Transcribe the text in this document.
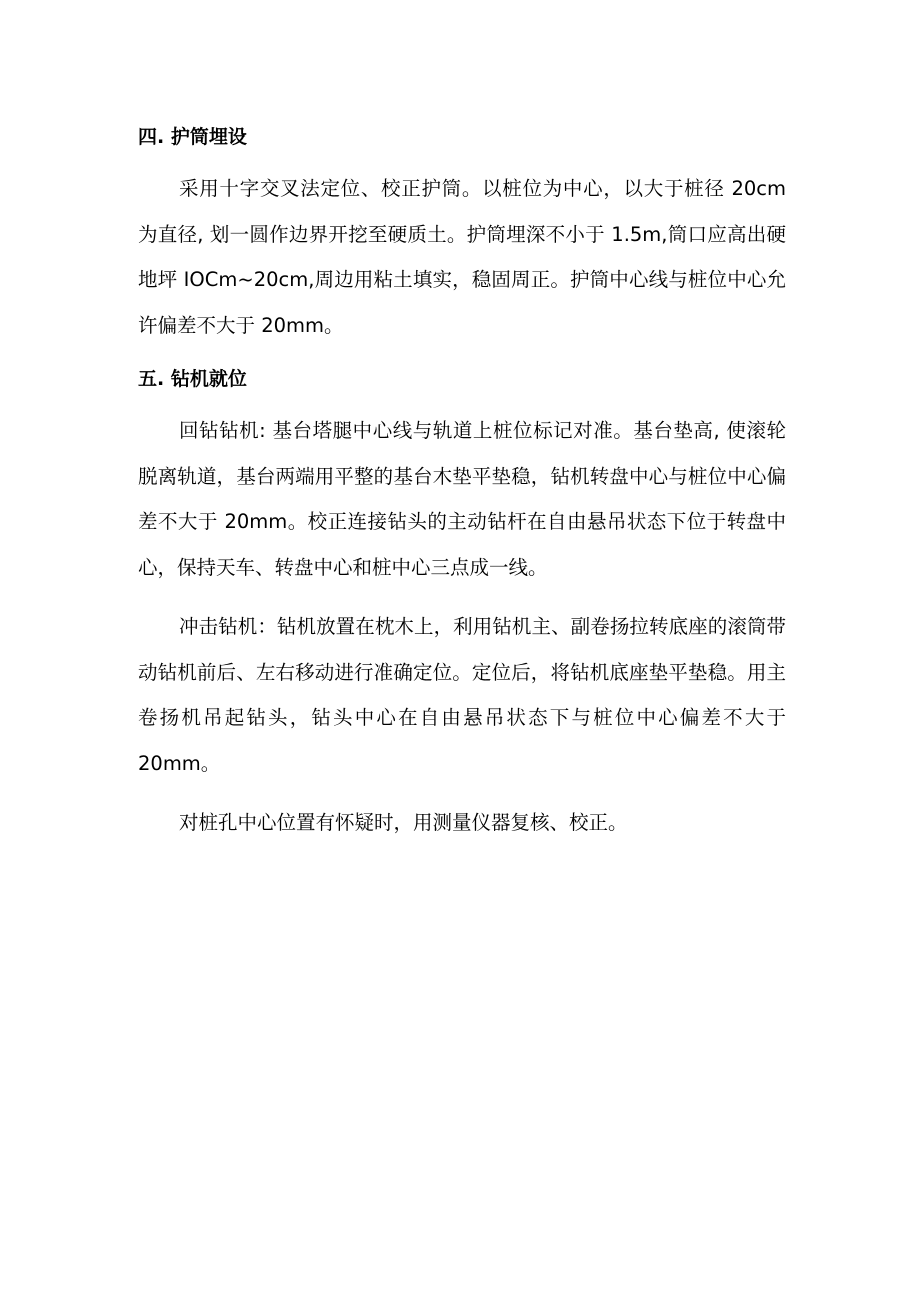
四. 护筒埋设

采用十字交叉法定位、校正护筒。以桩位为中心，以大于桩径 20cm 为直径, 划一圆作边界开挖至硬质土。护筒埋深不小于 1.5m,筒口应高出硬地坪 IOCm~20cm,周边用粘土填实，稳固周正。护筒中心线与桩位中心允许偏差不大于 20mm。

五. 钻机就位

回钻钻机: 基台塔腿中心线与轨道上桩位标记对准。基台垫高, 使滚轮脱离轨道，基台两端用平整的基台木垫平垫稳，钻机转盘中心与桩位中心偏差不大于 20mm。校正连接钻头的主动钻杆在自由悬吊状态下位于转盘中心，保持天车、转盘中心和桩中心三点成一线。

冲击钻机：钻机放置在枕木上，利用钻机主、副卷扬拉转底座的滚筒带动钻机前后、左右移动进行准确定位。定位后，将钻机底座垫平垫稳。用主卷扬机吊起钻头，钻头中心在自由悬吊状态下与桩位中心偏差不大于 20mm。

对桩孔中心位置有怀疑时，用测量仪器复核、校正。
